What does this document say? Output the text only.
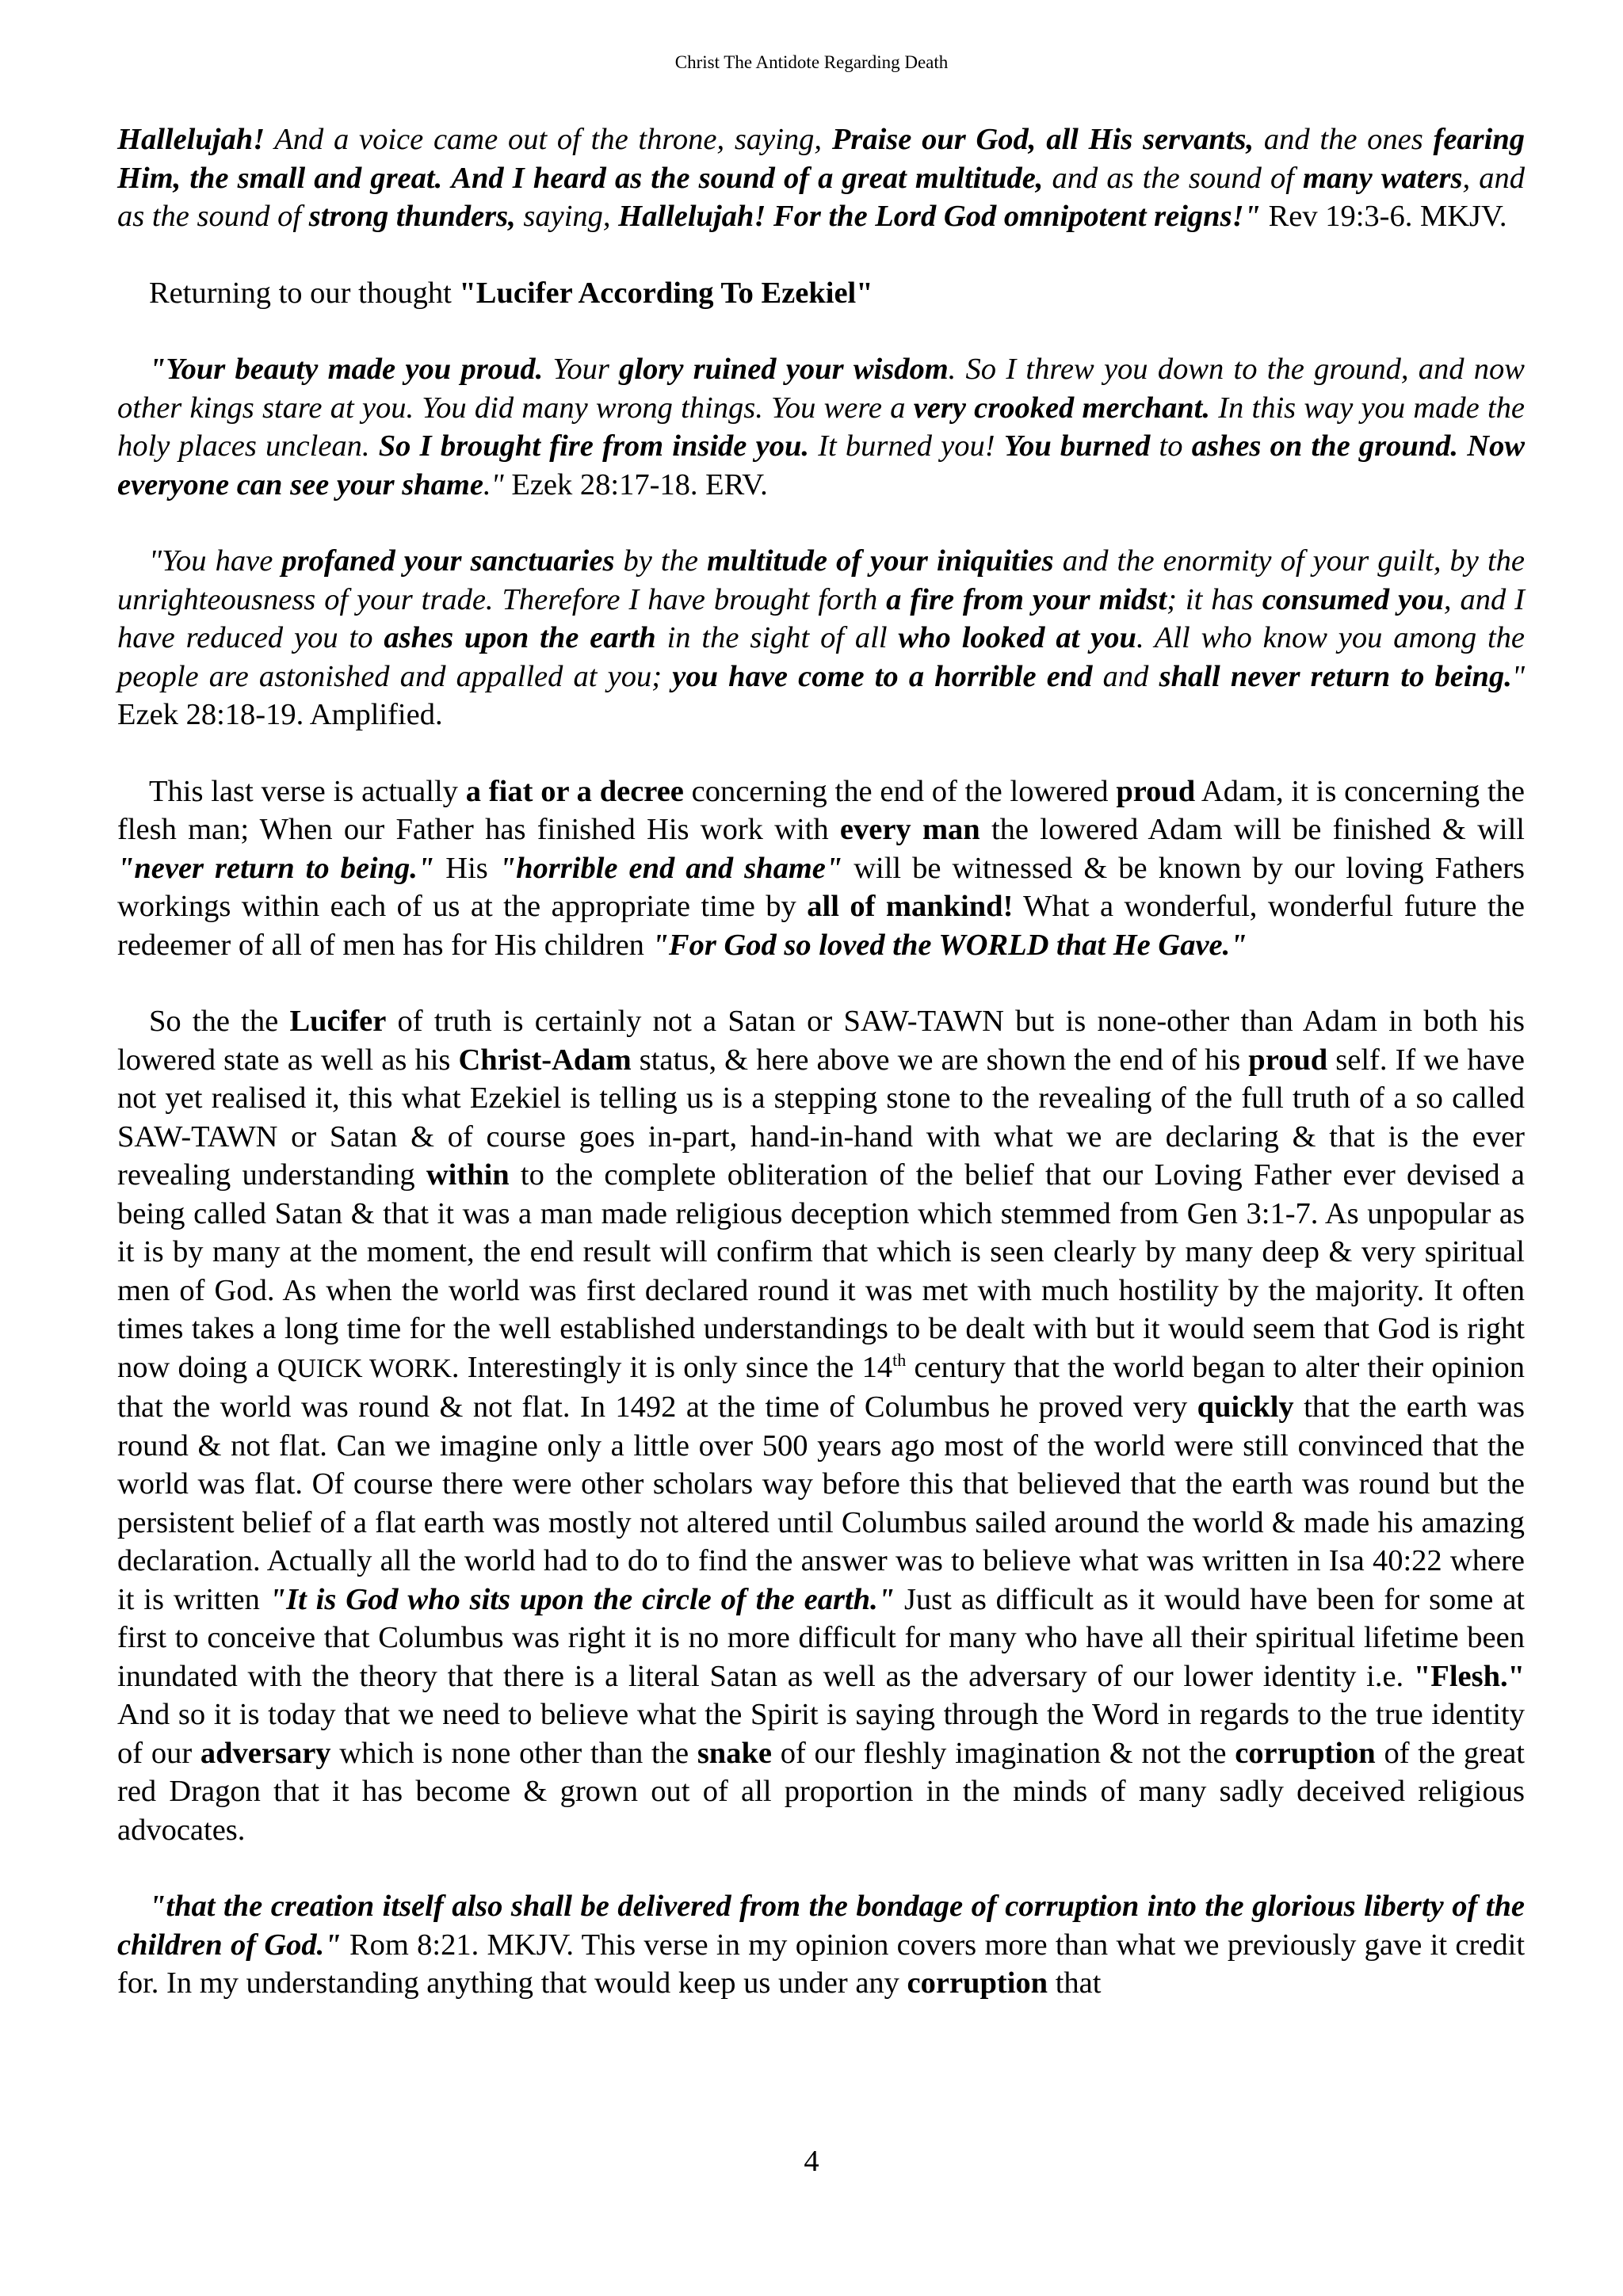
Christ The Antidote Regarding Death

Hallelujah! And a voice came out of the throne, saying, Praise our God, all His servants, and the ones fearing Him, the small and great. And I heard as the sound of a great multitude, and as the sound of many waters, and as the sound of strong thunders, saying, Hallelujah! For the Lord God omnipotent reigns!" Rev 19:3-6. MKJV.

Returning to our thought "Lucifer According To Ezekiel"

"Your beauty made you proud. Your glory ruined your wisdom. So I threw you down to the ground, and now other kings stare at you. You did many wrong things. You were a very crooked merchant. In this way you made the holy places unclean. So I brought fire from inside you. It burned you! You burned to ashes on the ground. Now everyone can see your shame." Ezek 28:17-18. ERV.

"You have profaned your sanctuaries by the multitude of your iniquities and the enormity of your guilt, by the unrighteousness of your trade. Therefore I have brought forth a fire from your midst; it has consumed you, and I have reduced you to ashes upon the earth in the sight of all who looked at you. All who know you among the people are astonished and appalled at you; you have come to a horrible end and shall never return to being." Ezek 28:18-19. Amplified.

This last verse is actually a fiat or a decree concerning the end of the lowered proud Adam, it is concerning the flesh man; When our Father has finished His work with every man the lowered Adam will be finished & will "never return to being." His "horrible end and shame" will be witnessed & be known by our loving Fathers workings within each of us at the appropriate time by all of mankind! What a wonderful, wonderful future the redeemer of all of men has for His children "For God so loved the WORLD that He Gave."

So the the Lucifer of truth is certainly not a Satan or SAW-TAWN but is none-other than Adam in both his lowered state as well as his Christ-Adam status, & here above we are shown the end of his proud self. If we have not yet realised it, this what Ezekiel is telling us is a stepping stone to the revealing of the full truth of a so called SAW-TAWN or Satan & of course goes in-part, hand-in-hand with what we are declaring & that is the ever revealing understanding within to the complete obliteration of the belief that our Loving Father ever devised a being called Satan & that it was a man made religious deception which stemmed from Gen 3:1-7. As unpopular as it is by many at the moment, the end result will confirm that which is seen clearly by many deep & very spiritual men of God. As when the world was first declared round it was met with much hostility by the majority. It often times takes a long time for the well established understandings to be dealt with but it would seem that God is right now doing a QUICK WORK. Interestingly it is only since the 14th century that the world began to alter their opinion that the world was round & not flat. In 1492 at the time of Columbus he proved very quickly that the earth was round & not flat. Can we imagine only a little over 500 years ago most of the world were still convinced that the world was flat. Of course there were other scholars way before this that believed that the earth was round but the persistent belief of a flat earth was mostly not altered until Columbus sailed around the world & made his amazing declaration. Actually all the world had to do to find the answer was to believe what was written in Isa 40:22 where it is written "It is God who sits upon the circle of the earth." Just as difficult as it would have been for some at first to conceive that Columbus was right it is no more difficult for many who have all their spiritual lifetime been inundated with the theory that there is a literal Satan as well as the adversary of our lower identity i.e. "Flesh." And so it is today that we need to believe what the Spirit is saying through the Word in regards to the true identity of our adversary which is none other than the snake of our fleshly imagination & not the corruption of the great red Dragon that it has become & grown out of all proportion in the minds of many sadly deceived religious advocates.

"that the creation itself also shall be delivered from the bondage of corruption into the glorious liberty of the children of God." Rom 8:21. MKJV. This verse in my opinion covers more than what we previously gave it credit for. In my understanding anything that would keep us under any corruption that

4
